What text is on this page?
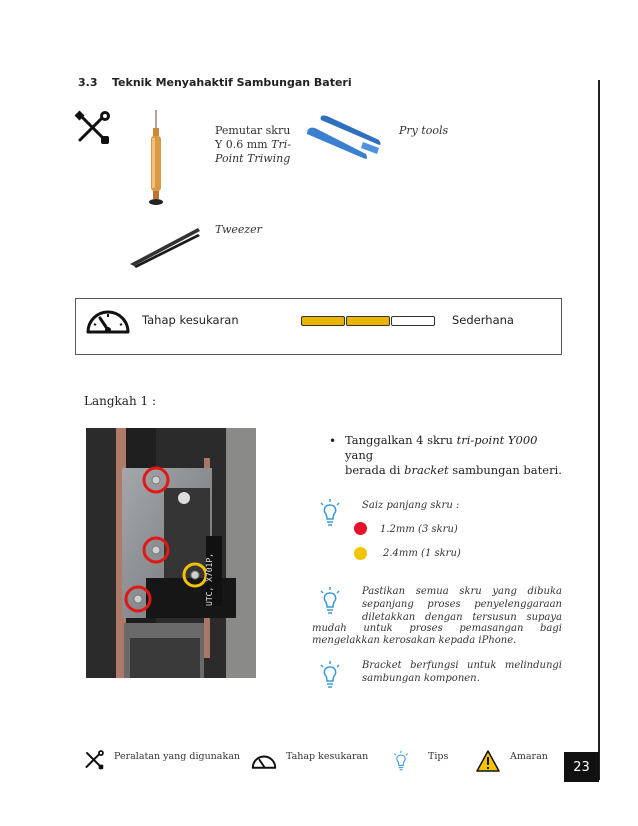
3.3 Teknik Menyahaktif Sambungan Bateri
Pemutar skru
Y 0.6 mm Tri-
Point Triwing
Pry tools
Tweezer
Tahap kesukaran	Sederhana
Langkah 1 :
UTC, X701P,
• Tanggalkan 4 skru tri-point Y000 yang
berada di bracket sambungan bateri.
Saiz panjang skru :
1.2mm (3 skru)
2.4mm (1 skru)
Pastikan semua skru yang dibuka
sepanjang proses penyelenggaraan
diletakkan dengan tersusun supaya
mudah untuk proses pemasangan bagi
mengelakkan kerosakan kepada iPhone.
Bracket berfungsi untuk melindungi
sambungan komponen.
Peralatan yang digunakan	Tahap kesukaran	Tips	Amaran
23
